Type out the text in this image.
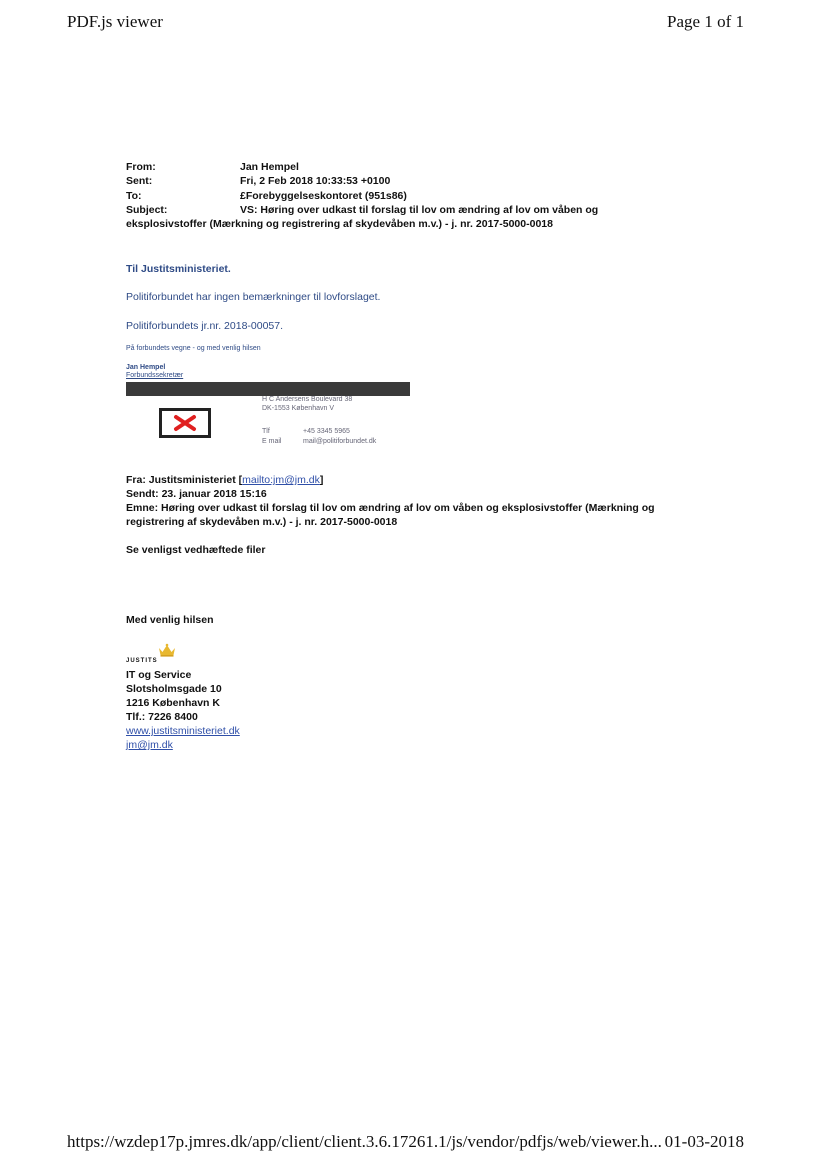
PDF.js viewer	Page 1 of 1
From:	Jan Hempel
Sent:	Fri, 2 Feb 2018 10:33:53 +0100
To:	£Forebyggelseskontoret (951s86)
Subject:	VS: Høring over udkast til forslag til lov om ændring af lov om våben og
eksplosivstoffer (Mærkning og registrering af skydevåben m.v.) - j. nr. 2017-5000-0018
Til Justitsministeriet.
Politiforbundet har ingen bemærkninger til lovforslaget.
Politiforbundets jr.nr. 2018-00057.
På forbundets vegne - og med venlig hilsen
Jan Hempel
Forbundssekretær
H C Andersens Boulevard 38
DK-1553 København V
Tlf	+45 3345 5965
E mail	mail@politiforbundet.dk
Fra: Justitsministeriet [mailto:jm@jm.dk]
Sendt: 23. januar 2018 15:16
Emne: Høring over udkast til forslag til lov om ændring af lov om våben og eksplosivstoffer (Mærkning og
registrering af skydevåben m.v.) - j. nr. 2017-5000-0018
Se venligst vedhæftede filer
Med venlig hilsen
JUSTITS
IT og Service
Slotsholmsgade 10
1216 København K
Tlf.: 7226 8400
www.justitsministeriet.dk
jm@jm.dk
https://wzdep17p.jmres.dk/app/client/client.3.6.17261.1/js/vendor/pdfjs/web/viewer.h... 01-03-2018
